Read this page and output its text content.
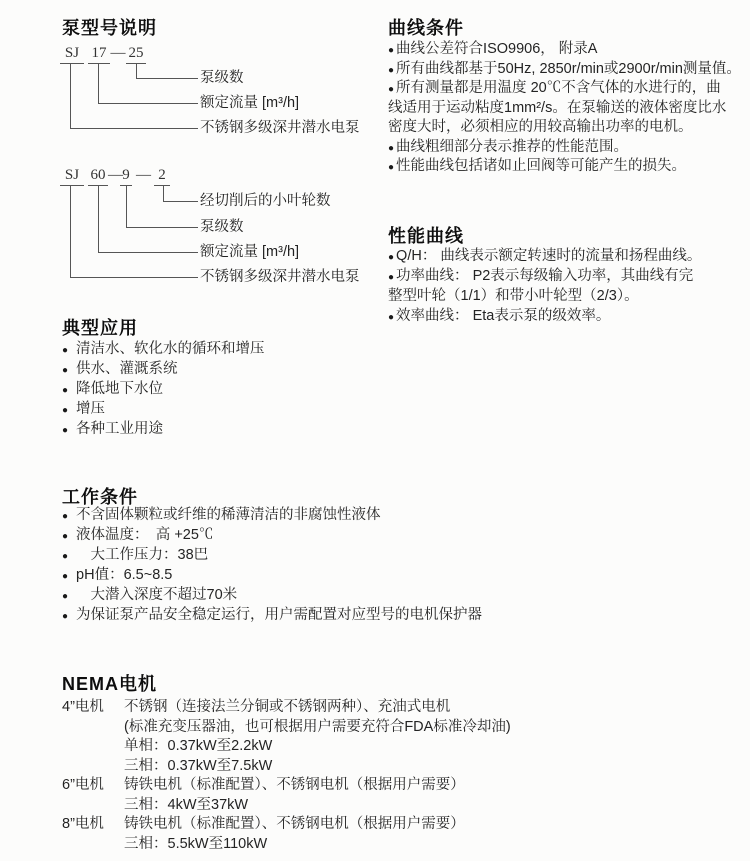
泵型号说明
SJ 17 — 25
泵级数
额定流量 [m³/h]
不锈钢多级深井潜水电泵
SJ 60 — 9 — 2
经切削后的小叶轮数
泵级数
额定流量 [m³/h]
不锈钢多级深井潜水电泵
曲线条件
● 曲线公差符合ISO9906， 附录A
● 所有曲线都基于50Hz, 2850r/min或2900r/min测量值。
● 所有测量都是用温度 20℃不含气体的水进行的，曲
线适用于运动粘度1mm²/s。在泵输送的液体密度比水
密度大时，必须相应的用较高输出功率的电机。
● 曲线粗细部分表示推荐的性能范围。
● 性能曲线包括诸如止回阀等可能产生的损失。
性能曲线
● Q/H： 曲线表示额定转速时的流量和扬程曲线。
● 功率曲线： P2表示每级输入功率，其曲线有完
整型叶轮（1/1）和带小叶轮型（2/3）。
● 效率曲线： Eta表示泵的级效率。
典型应用
● 清洁水、软化水的循环和增压
● 供水、灌溉系统
● 降低地下水位
● 增压
● 各种工业用途
工作条件
● 不含固体颗粒或纤维的稀薄清洁的非腐蚀性液体
● 液体温度：　高 +25℃
● 　大工作压力：38巴
● pH值：6.5~8.5
● 　大潜入深度不超过70米
● 为保证泵产品安全稳定运行，用户需配置对应型号的电机保护器
NEMA电机
4”电机	不锈钢（连接法兰分铜或不锈钢两种）、充油式电机
(标准充变压器油，也可根据用户需要充符合FDA标准冷却油)
单相：0.37kW至2.2kW
三相：0.37kW至7.5kW
6”电机	铸铁电机（标准配置）、不锈钢电机（根据用户需要）
三相：4kW至37kW
8”电机	铸铁电机（标准配置）、不锈钢电机（根据用户需要）
三相：5.5kW至110kW
